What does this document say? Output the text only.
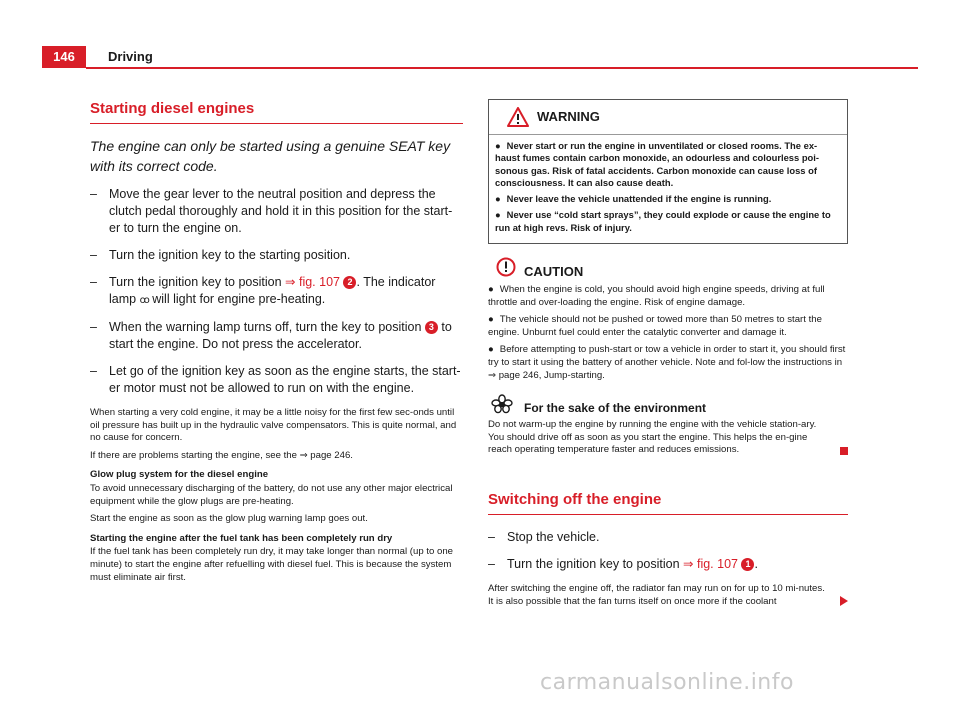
146	Driving
Starting diesel engines
The engine can only be started using a genuine SEAT key with its correct code.
– Move the gear lever to the neutral position and depress the clutch pedal thoroughly and hold it in this position for the start-er to turn the engine on.
– Turn the ignition key to the starting position.
– Turn the ignition key to position ⇒ fig. 107 2 . The indicator lamp ꝏ will light for engine pre-heating.
– When the warning lamp turns off, turn the key to position 3 to start the engine. Do not press the accelerator.
– Let go of the ignition key as soon as the engine starts, the start-er motor must not be allowed to run on with the engine.
When starting a very cold engine, it may be a little noisy for the first few sec-onds until oil pressure has built up in the hydraulic valve compensators. This is quite normal, and no cause for concern.
If there are problems starting the engine, see the ⇒ page 246.
Glow plug system for the diesel engine
To avoid unnecessary discharging of the battery, do not use any other major electrical equipment while the glow plugs are pre-heating.
Start the engine as soon as the glow plug warning lamp goes out.
Starting the engine after the fuel tank has been completely run dry
If the fuel tank has been completely run dry, it may take longer than normal (up to one minute) to start the engine after refuelling with diesel fuel. This is because the system must eliminate air first.
WARNING
● Never start or run the engine in unventilated or closed rooms. The ex-haust fumes contain carbon monoxide, an odourless and colourless poi-sonous gas. Risk of fatal accidents. Carbon monoxide can cause loss of consciousness. It can also cause death.
● Never leave the vehicle unattended if the engine is running.
● Never use “cold start sprays”, they could explode or cause the engine to run at high revs. Risk of injury.
CAUTION
● When the engine is cold, you should avoid high engine speeds, driving at full throttle and over-loading the engine. Risk of engine damage.
● The vehicle should not be pushed or towed more than 50 metres to start the engine. Unburnt fuel could enter the catalytic converter and damage it.
● Before attempting to push-start or tow a vehicle in order to start it, you should first try to start it using the battery of another vehicle. Note and fol-low the instructions in ⇒ page 246, Jump-starting.
For the sake of the environment
Do not warm-up the engine by running the engine with the vehicle station-ary. You should drive off as soon as you start the engine. This helps the en-gine reach operating temperature faster and reduces emissions.
Switching off the engine
– Stop the vehicle.
– Turn the ignition key to position ⇒ fig. 107 1 .
After switching the engine off, the radiator fan may run on for up to 10 mi-nutes. It is also possible that the fan turns itself on once more if the coolant
carmanualsonline.info
